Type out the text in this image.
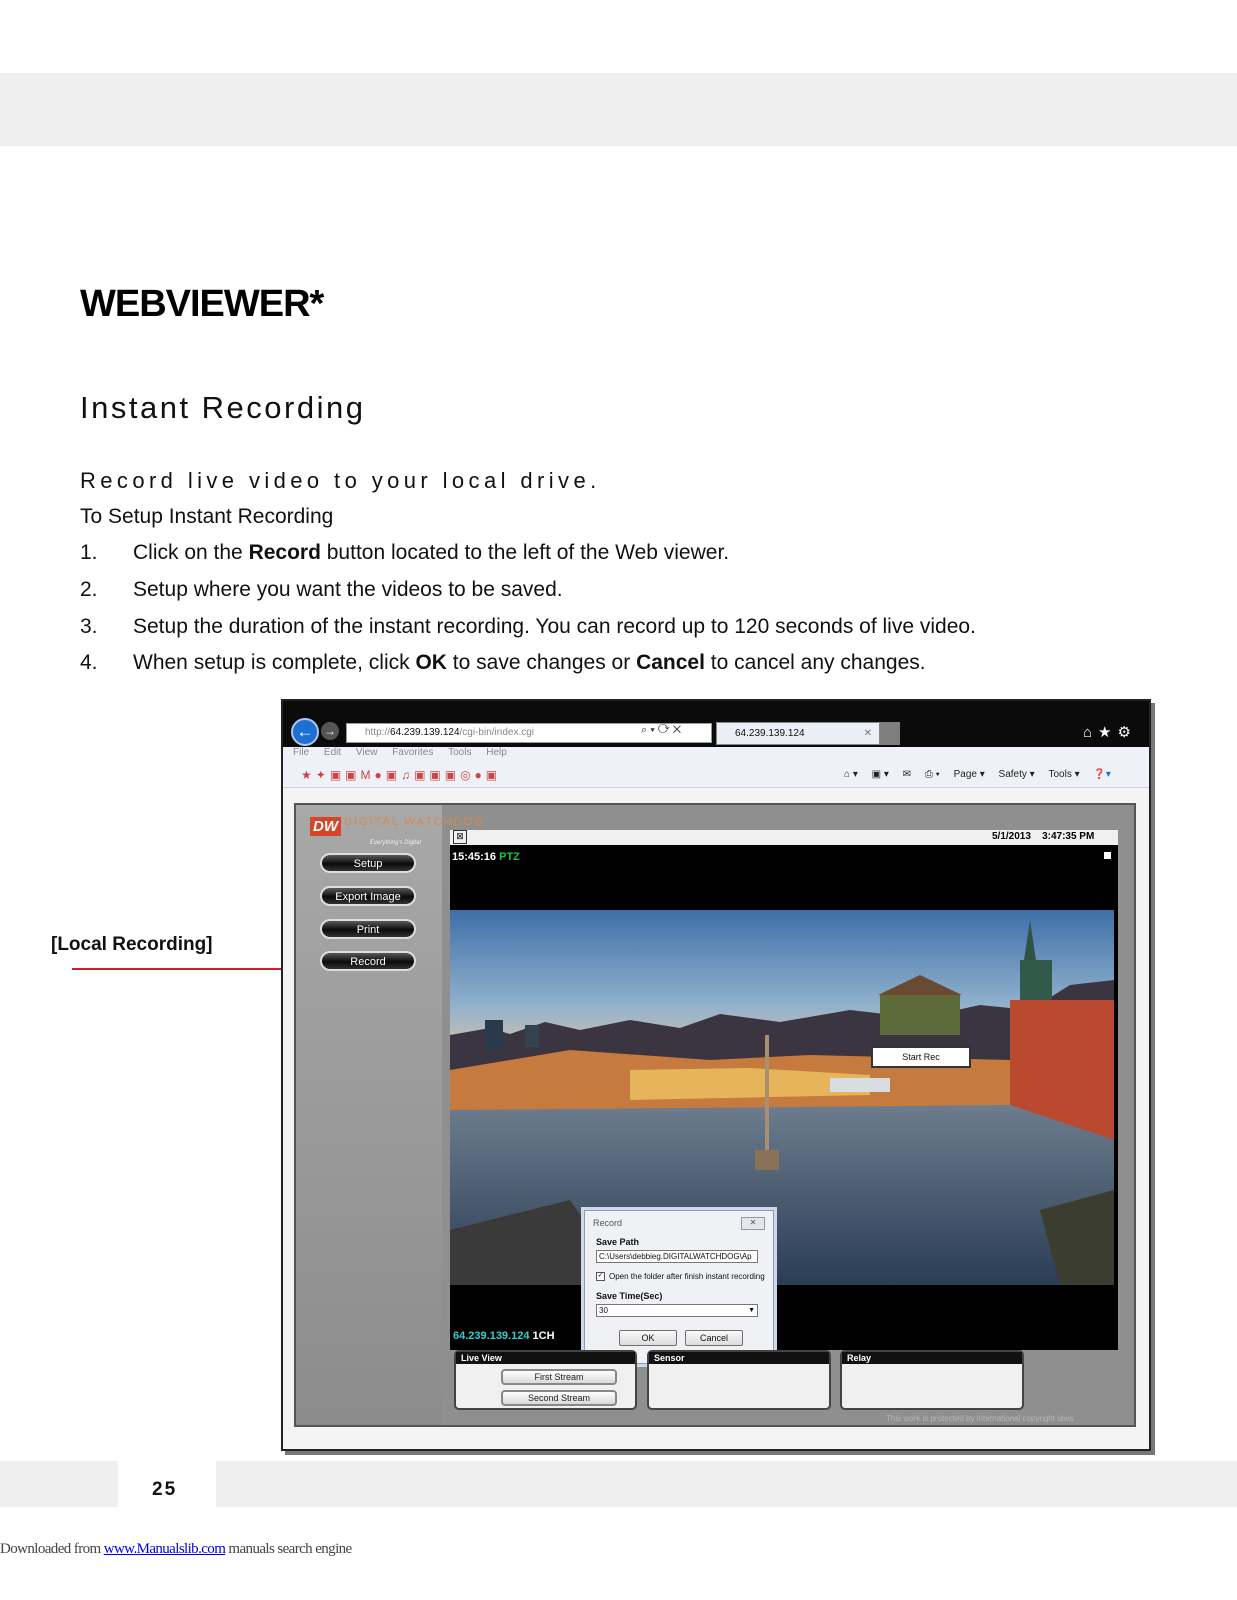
WEBVIEWER*
Instant Recording
Record live video to your local drive.
To Setup Instant Recording
1.	Click on the Record button located to the left of the Web viewer.
2.	Setup where you want the videos to be saved.
3.	Setup the duration of the instant recording. You can record up to 120 seconds of live video.
4.	When setup is complete, click OK to save changes or Cancel to cancel any changes.
[Local Recording]
← →	http://64.239.139.124/cgi-bin/index.cgi	⌕ ▾ ⟳ ✕	64.239.139.124	✕	⌂★⚙
File Edit View Favorites Tools Help
★✦▣▣M●▣♫▣▣▣◎●▣	⌂ ▾ ▣ ▾ ✉ ⎙ ▾ Page ▾ Safety ▾ Tools ▾ ❓▾
DW DIGITAL WATCHDOG
Everything's Digital
Setup
Export Image
Print
Record
⊠	5/1/2013 3:47:35 PM
15:45:16 PTZ
Start Rec
Record	✕
Save Path
C:\Users\debbieg.DIGITALWATCHDOG\Ap
✓ Open the folder after finish instant recording
Save Time(Sec)
30	▼
OK	Cancel
64.239.139.124 1CH
Live View
First Stream
Second Stream
Sensor	Relay
This work is protected by international copyright laws.
25
Downloaded from www.Manualslib.com manuals search engine
